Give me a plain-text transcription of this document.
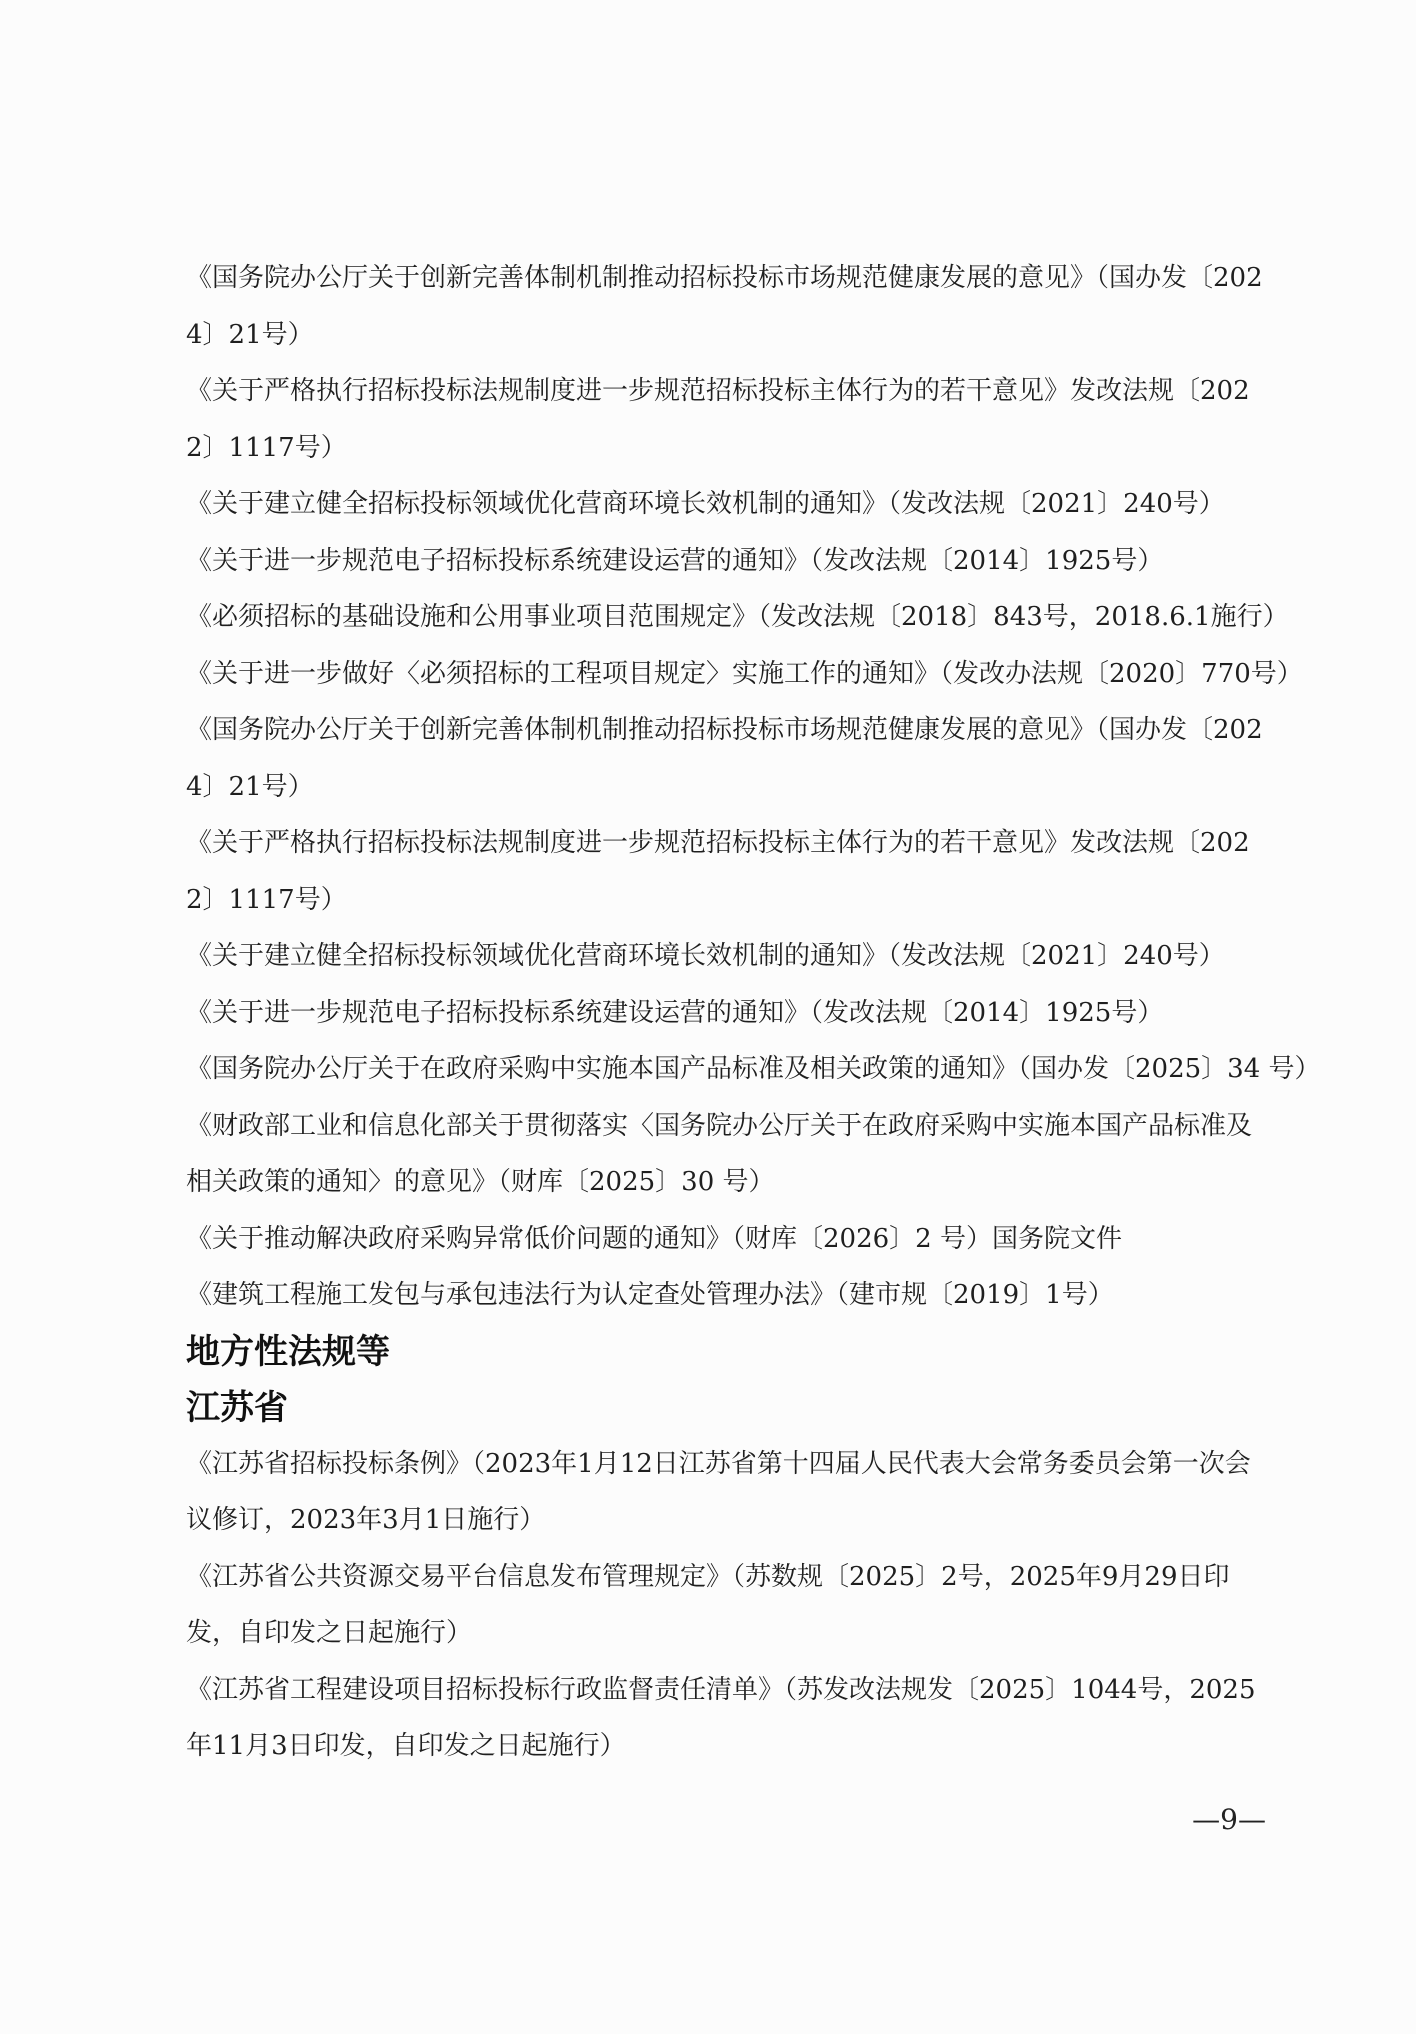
《国务院办公厅关于创新完善体制机制推动招标投标市场规范健康发展的意见》（国办发〔2024〕21号）

《关于严格执行招标投标法规制度进一步规范招标投标主体行为的若干意见》发改法规〔2022〕1117号）

《关于建立健全招标投标领域优化营商环境长效机制的通知》（发改法规〔2021〕240号）

《关于进一步规范电子招标投标系统建设运营的通知》（发改法规〔2014〕1925号）

《必须招标的基础设施和公用事业项目范围规定》（发改法规〔2018〕843号，2018.6.1施行）

《关于进一步做好〈必须招标的工程项目规定〉实施工作的通知》（发改办法规〔2020〕770号）

《国务院办公厅关于创新完善体制机制推动招标投标市场规范健康发展的意见》（国办发〔2024〕21号）

《关于严格执行招标投标法规制度进一步规范招标投标主体行为的若干意见》发改法规〔2022〕1117号）

《关于建立健全招标投标领域优化营商环境长效机制的通知》（发改法规〔2021〕240号）

《关于进一步规范电子招标投标系统建设运营的通知》（发改法规〔2014〕1925号）

《国务院办公厅关于在政府采购中实施本国产品标准及相关政策的通知》（国办发〔2025〕34 号）

《财政部工业和信息化部关于贯彻落实〈国务院办公厅关于在政府采购中实施本国产品标准及相关政策的通知〉的意见》（财库〔2025〕30 号）

《关于推动解决政府采购异常低价问题的通知》（财库〔2026〕2 号）国务院文件

《建筑工程施工发包与承包违法行为认定查处管理办法》（建市规〔2019〕1号）

地方性法规等
江苏省

《江苏省招标投标条例》（2023年1月12日江苏省第十四届人民代表大会常务委员会第一次会议修订，2023年3月1日施行）

《江苏省公共资源交易平台信息发布管理规定》（苏数规〔2025〕2号，2025年9月29日印发，自印发之日起施行）

《江苏省工程建设项目招标投标行政监督责任清单》（苏发改法规发〔2025〕1044号，2025年11月3日印发，自印发之日起施行）

—9—
